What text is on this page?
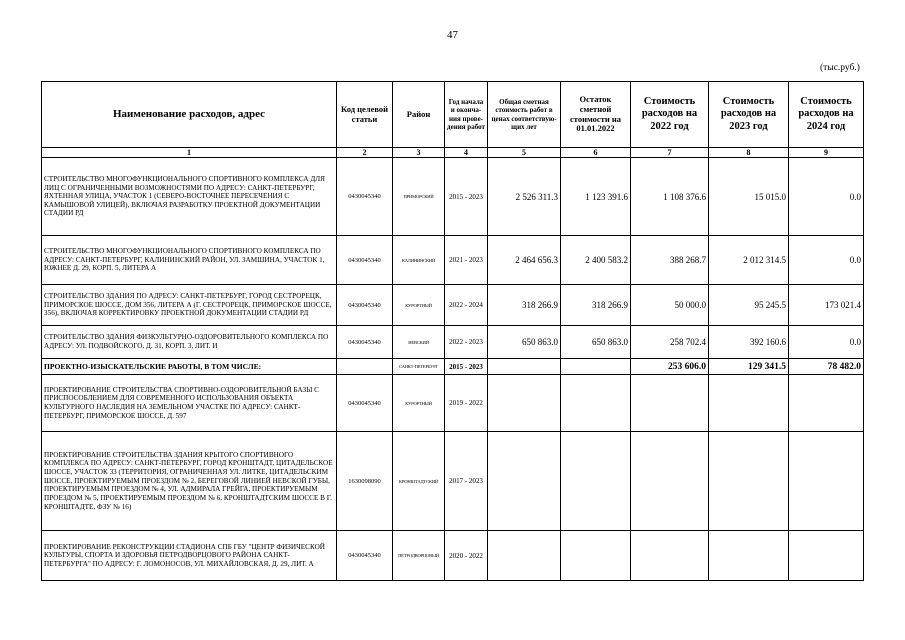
47
(тыс.руб.)
Наименование расходов, адрес	Код целевой статьи	Район	Год начала и оконча-ния прове-дения работ	Общая сметная стоимость работ в ценах соответствую-щих лет	Остаток сметной стоимости на 01.01.2022	Стоимость расходов на 2022 год	Стоимость расходов на 2023 год	Стоимость расходов на 2024 год
1	2	3	4	5	6	7	8	9
СТРОИТЕЛЬСТВО МНОГОФУНКЦИОНАЛЬНОГО СПОРТИВНОГО КОМПЛЕКСА ДЛЯ ЛИЦ С ОГРАНИЧЕННЫМИ ВОЗМОЖНОСТЯМИ ПО АДРЕСУ: САНКТ-ПЕТЕРБУРГ, ЯХТЕННАЯ УЛИЦА, УЧАСТОК 1 (СЕВЕРО-ВОСТОЧНЕЕ ПЕРЕСЕЧЕНИЯ С КАМЫШОВОЙ УЛИЦЕЙ), ВКЛЮЧАЯ РАЗРАБОТКУ ПРОЕКТНОЙ ДОКУМЕНТАЦИИ СТАДИИ РД	0430045340	ПРИМОРСКИЙ	2015 - 2023	2 526 311.3	1 123 391.6	1 108 376.6	15 015.0	0.0
СТРОИТЕЛЬСТВО МНОГОФУНКЦИОНАЛЬНОГО СПОРТИВНОГО КОМПЛЕКСА ПО АДРЕСУ: САНКТ-ПЕТЕРБУРГ, КАЛИНИНСКИЙ РАЙОН, УЛ. ЗАМШИНА, УЧАСТОК 1, ЮЖНЕЕ Д. 29, КОРП. 5, ЛИТЕРА А	0430045340	КАЛИНИНСКИЙ	2021 - 2023	2 464 656.3	2 400 583.2	388 268.7	2 012 314.5	0.0
СТРОИТЕЛЬСТВО ЗДАНИЯ ПО АДРЕСУ: САНКТ-ПЕТЕРБУРГ, ГОРОД СЕСТРОРЕЦК, ПРИМОРСКОЕ ШОССЕ, ДОМ 356, ЛИТЕРА А (Г. СЕСТРОРЕЦК, ПРИМОРСКОЕ ШОССЕ, 356), ВКЛЮЧАЯ КОРРЕКТИРОВКУ ПРОЕКТНОЙ ДОКУМЕНТАЦИИ СТАДИИ РД	0430045340	КУРОРТНЫЙ	2022 - 2024	318 266.9	318 266.9	50 000.0	95 245.5	173 021.4
СТРОИТЕЛЬСТВО ЗДАНИЯ ФИЗКУЛЬТУРНО-ОЗДОРОВИТЕЛЬНОГО КОМПЛЕКСА ПО АДРЕСУ: УЛ. ПОДВОЙСКОГО, Д. 31, КОРП. 3, ЛИТ. И	0430045340	НЕВСКИЙ	2022 - 2023	650 863.0	650 863.0	258 702.4	392 160.6	0.0
ПРОЕКТНО-ИЗЫСКАТЕЛЬСКИЕ РАБОТЫ, В ТОМ ЧИСЛЕ:		САНКТ-ПЕТЕРБУРГ	2015 - 2023			253 606.0	129 341.5	78 482.0
ПРОЕКТИРОВАНИЕ СТРОИТЕЛЬСТВА СПОРТИВНО-ОЗДОРОВИТЕЛЬНОЙ БАЗЫ С ПРИСПОСОБЛЕНИЕМ ДЛЯ СОВРЕМЕННОГО ИСПОЛЬЗОВАНИЯ ОБЪЕКТА КУЛЬТУРНОГО НАСЛЕДИЯ НА ЗЕМЕЛЬНОМ УЧАСТКЕ ПО АДРЕСУ: САНКТ-ПЕТЕРБУРГ, ПРИМОРСКОЕ ШОССЕ, Д. 597	0430045340	КУРОРТНЫЙ	2019 - 2022					
ПРОЕКТИРОВАНИЕ СТРОИТЕЛЬСТВА ЗДАНИЯ КРЫТОГО СПОРТИВНОГО КОМПЛЕКСА ПО АДРЕСУ: САНКТ-ПЕТЕРБУРГ, ГОРОД КРОНШТАДТ, ЦИТАДЕЛЬСКОЕ ШОССЕ, УЧАСТОК 33 (ТЕРРИТОРИЯ, ОГРАНИЧЕННАЯ УЛ. ЛИТКЕ, ЦИТАДЕЛЬСКИМ ШОССЕ, ПРОЕКТИРУЕМЫМ ПРОЕЗДОМ № 2, БЕРЕГОВОЙ ЛИНИЕЙ НЕВСКОЙ ГУБЫ, ПРОЕКТИРУЕМЫМ ПРОЕЗДОМ № 4, УЛ. АДМИРАЛА ГРЕЙГА, ПРОЕКТИРУЕМЫМ ПРОЕЗДОМ № 5, ПРОЕКТИРУЕМЫМ ПРОЕЗДОМ № 6, КРОНШТАДТСКИМ ШОССЕ В Г. КРОНШТАДТЕ, ФЗУ № 16)	1630098090	КРОНШТАДТСКИЙ	2017 - 2023					
ПРОЕКТИРОВАНИЕ РЕКОНСТРУКЦИИ СТАДИОНА СПБ ГБУ "ЦЕНТР ФИЗИЧЕСКОЙ КУЛЬТУРЫ, СПОРТА И ЗДОРОВЬЯ ПЕТРОДВОРЦОВОГО РАЙОНА САНКТ-ПЕТЕРБУРГА" ПО АДРЕСУ: Г. ЛОМОНОСОВ, УЛ. МИХАЙЛОВСКАЯ, Д. 29, ЛИТ. А	0430045340	ПЕТРОДВОРЦОВЫЙ	2020 - 2022					
